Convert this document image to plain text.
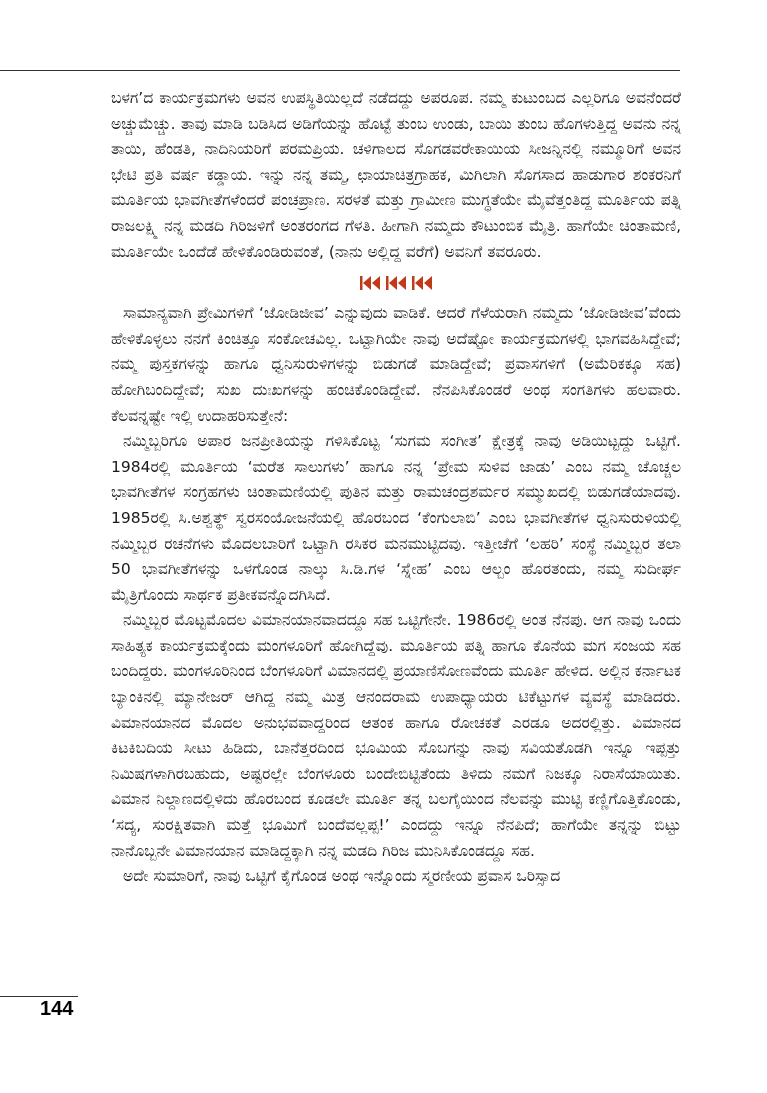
ಬಳಗ’ದ ಕಾರ್ಯಕ್ರಮಗಳು ಅವನ ಉಪಸ್ಥಿತಿಯಿಲ್ಲದೆ ನಡೆದದ್ದು ಅಪರೂಪ. ನಮ್ಮ ಕುಟುಂಬದ ಎಲ್ಲರಿಗೂ ಅವನೆಂದರೆ ಅಚ್ಚುಮೆಚ್ಚು. ತಾವು ಮಾಡಿ ಬಡಿಸಿದ ಅಡಿಗೆಯನ್ನು ಹೊಟ್ಟೆ ತುಂಬ ಉಂಡು, ಬಾಯಿ ತುಂಬ ಹೊಗಳುತ್ತಿದ್ದ ಅವನು ನನ್ನ ತಾಯಿ, ಹೆಂಡತಿ, ನಾದಿನಿಯರಿಗೆ ಪರಮಪ್ರಿಯ. ಚಳಿಗಾಲದ ಸೊಗಡವರೇಕಾಯಿಯ ಸೀಜನ್ನಿನಲ್ಲಿ ನಮ್ಮೂರಿಗೆ ಅವನ ಭೇಟಿ ಪ್ರತಿ ವರ್ಷ ಕಡ್ಡಾಯ. ಇನ್ನು ನನ್ನ ತಮ್ಮ, ಛಾಯಾಚಿತ್ರಗ್ರಾಹಕ, ಮಿಗಿಲಾಗಿ ಸೊಗಸಾದ ಹಾಡುಗಾರ ಶಂಕರನಿಗೆ ಮೂರ್ತಿಯ ಭಾವಗೀತೆಗಳೆಂದರೆ ಪಂಚಪ್ರಾಣ. ಸರಳತೆ ಮತ್ತು ಗ್ರಾಮೀಣ ಮುಗ್ಧತೆಯೇ ಮೈವೆತ್ತಂತಿದ್ದ ಮೂರ್ತಿಯ ಪತ್ನಿ ರಾಜಲಕ್ಷ್ಮಿ ನನ್ನ ಮಡದಿ ಗಿರಿಜಳಿಗೆ ಅಂತರಂಗದ ಗೆಳತಿ. ಹೀಗಾಗಿ ನಮ್ಮದು ಕೌಟುಂಬಿಕ ಮೈತ್ರಿ. ಹಾಗೆಯೇ ಚಿಂತಾಮಣಿ, ಮೂರ್ತಿಯೇ ಒಂದೆಡೆ ಹೇಳಿಕೊಂಡಿರುವಂತೆ, (ನಾನು ಅಲ್ಲಿದ್ದ ವರೆಗೆ) ಅವನಿಗೆ ತವರೂರು.

ಸಾಮಾನ್ಯವಾಗಿ ಪ್ರೇಮಿಗಳಿಗೆ ‘ಜೋಡಿಜೀವ’ ಎನ್ನುವುದು ವಾಡಿಕೆ. ಆದರೆ ಗೆಳೆಯರಾಗಿ ನಮ್ಮದು ‘ಜೋಡಿಜೀವ’ವೆಂದು ಹೇಳಿಕೊಳ್ಳಲು ನನಗೆ ಕಿಂಚಿತ್ತೂ ಸಂಕೋಚವಿಲ್ಲ. ಒಟ್ಟಾಗಿಯೇ ನಾವು ಅದೆಷ್ಟೋ ಕಾರ್ಯಕ್ರಮಗಳಲ್ಲಿ ಭಾಗವಹಿಸಿದ್ದೇವೆ; ನಮ್ಮ ಪುಸ್ತಕಗಳನ್ನು ಹಾಗೂ ಧ್ವನಿಸುರುಳಿಗಳನ್ನು ಬಿಡುಗಡೆ ಮಾಡಿದ್ದೇವೆ; ಪ್ರವಾಸಗಳಿಗೆ (ಅಮೆರಿಕಕ್ಕೂ ಸಹ) ಹೋಗಿಬಂದಿದ್ದೇವೆ; ಸುಖ ದುಃಖಗಳನ್ನು ಹಂಚಿಕೊಂಡಿದ್ದೇವೆ. ನೆನಪಿಸಿಕೊಂಡರೆ ಅಂಥ ಸಂಗತಿಗಳು ಹಲವಾರು. ಕೆಲವನ್ನಷ್ಟೇ ಇಲ್ಲಿ ಉದಾಹರಿಸುತ್ತೇನೆ:

ನಮ್ಮಿಬ್ಬರಿಗೂ ಅಪಾರ ಜನಪ್ರೀತಿಯನ್ನು ಗಳಿಸಿಕೊಟ್ಟ ‘ಸುಗಮ ಸಂಗೀತ’ ಕ್ಷೇತ್ರಕ್ಕೆ ನಾವು ಅಡಿಯಿಟ್ಟದ್ದು ಒಟ್ಟಿಗೆ. 1984ರಲ್ಲಿ ಮೂರ್ತಿಯ ‘ಮರೆತ ಸಾಲುಗಳು’ ಹಾಗೂ ನನ್ನ ‘ಪ್ರೇಮ ಸುಳಿವ ಜಾಡು’ ಎಂಬ ನಮ್ಮ ಚೊಚ್ಚಲ ಭಾವಗೀತೆಗಳ ಸಂಗ್ರಹಗಳು ಚಿಂತಾಮಣಿಯಲ್ಲಿ ಪುತಿನ ಮತ್ತು ರಾಮಚಂದ್ರಶರ್ಮರ ಸಮ್ಮುಖದಲ್ಲಿ ಬಿಡುಗಡೆಯಾದವು. 1985ರಲ್ಲಿ ಸಿ.ಅಶ್ವತ್ಥ್ ಸ್ವರಸಂಯೋಜನೆಯಲ್ಲಿ ಹೊರಬಂದ ‘ಕೆಂಗುಲಾಬಿ’ ಎಂಬ ಭಾವಗೀತೆಗಳ ಧ್ವನಿಸುರುಳಿಯಲ್ಲಿ ನಮ್ಮಿಬ್ಬರ ರಚನೆಗಳು ಮೊದಲಬಾರಿಗೆ ಒಟ್ಟಾಗಿ ರಸಿಕರ ಮನಮುಟ್ಟಿದವು. ಇತ್ತೀಚೆಗೆ ‘ಲಹರಿ’ ಸಂಸ್ಥೆ ನಮ್ಮಿಬ್ಬರ ತಲಾ 50 ಭಾವಗೀತೆಗಳನ್ನು ಒಳಗೊಂಡ ನಾಲ್ಕು ಸಿ.ಡಿ.ಗಳ ‘ಸ್ನೇಹ’ ಎಂಬ ಆಲ್ಬಂ ಹೊರತಂದು, ನಮ್ಮ ಸುದೀರ್ಘ ಮೈತ್ರಿಗೊಂದು ಸಾರ್ಥಕ ಪ್ರತೀಕವನ್ನೊದಗಿಸಿದೆ.

ನಮ್ಮಿಬ್ಬರ ಮೊಟ್ಟಮೊದಲ ವಿಮಾನಯಾನವಾದದ್ದೂ ಸಹ ಒಟ್ಟಿಗೇನೇ. 1986ರಲ್ಲಿ ಅಂತ ನೆನಪು. ಆಗ ನಾವು ಒಂದು ಸಾಹಿತ್ಯಕ ಕಾರ್ಯಕ್ರಮಕ್ಕೆಂದು ಮಂಗಳೂರಿಗೆ ಹೋಗಿದ್ದೆವು. ಮೂರ್ತಿಯ ಪತ್ನಿ ಹಾಗೂ ಕೊನೆಯ ಮಗ ಸಂಜಯ ಸಹ ಬಂದಿದ್ದರು. ಮಂಗಳೂರಿನಿಂದ ಬೆಂಗಳೂರಿಗೆ ವಿಮಾನದಲ್ಲಿ ಪ್ರಯಾಣಿಸೋಣವೆಂದು ಮೂರ್ತಿ ಹೇಳಿದ. ಅಲ್ಲಿನ ಕರ್ನಾಟಕ ಬ್ಯಾಂಕಿನಲ್ಲಿ ಮ್ಯಾನೇಜರ್ ಆಗಿದ್ದ ನಮ್ಮ ಮಿತ್ರ ಆನಂದರಾಮ ಉಪಾಧ್ಯಾಯರು ಟಿಕೆಟ್ಟುಗಳ ವ್ಯವಸ್ಥೆ ಮಾಡಿದರು. ವಿಮಾನಯಾನದ ಮೊದಲ ಅನುಭವವಾದ್ದರಿಂದ ಆತಂಕ ಹಾಗೂ ರೋಚಕತೆ ಎರಡೂ ಅದರಲ್ಲಿತ್ತು. ವಿಮಾನದ ಕಿಟಕಿಬದಿಯ ಸೀಟು ಹಿಡಿದು, ಬಾನೆತ್ತರದಿಂದ ಭೂಮಿಯ ಸೊಬಗನ್ನು ನಾವು ಸವಿಯತೊಡಗಿ ಇನ್ನೂ ಇಪ್ಪತ್ತು ನಿಮಿಷಗಳಾಗಿರಬಹುದು, ಅಷ್ಟರಲ್ಲೇ ಬೆಂಗಳೂರು ಬಂದೇಬಿಟ್ಟಿತೆಂದು ತಿಳಿದು ನಮಗೆ ನಿಜಕ್ಕೂ ನಿರಾಸೆಯಾಯಿತು. ವಿಮಾನ ನಿಲ್ದಾಣದಲ್ಲಿಳಿದು ಹೊರಬಂದ ಕೂಡಲೇ ಮೂರ್ತಿ ತನ್ನ ಬಲಗೈಯಿಂದ ನೆಲವನ್ನು ಮುಟ್ಟಿ ಕಣ್ಣಿಗೊತ್ತಿಕೊಂಡು, ‘ಸದ್ಯ, ಸುರಕ್ಷಿತವಾಗಿ ಮತ್ತೆ ಭೂಮಿಗೆ ಬಂದೆವಲ್ಲಪ್ಪ!’ ಎಂದದ್ದು ಇನ್ನೂ ನೆನಪಿದೆ; ಹಾಗೆಯೇ ತನ್ನನ್ನು ಬಿಟ್ಟು ನಾನೊಬ್ಬನೇ ವಿಮಾನಯಾನ ಮಾಡಿದ್ದಕ್ಕಾಗಿ ನನ್ನ ಮಡದಿ ಗಿರಿಜ ಮುನಿಸಿಕೊಂಡದ್ದೂ ಸಹ.

ಅದೇ ಸುಮಾರಿಗೆ, ನಾವು ಒಟ್ಟಿಗೆ ಕೈಗೊಂಡ ಅಂಥ ಇನ್ನೊಂದು ಸ್ಮರಣೀಯ ಪ್ರವಾಸ ಒರಿಸ್ಸಾದ

144
